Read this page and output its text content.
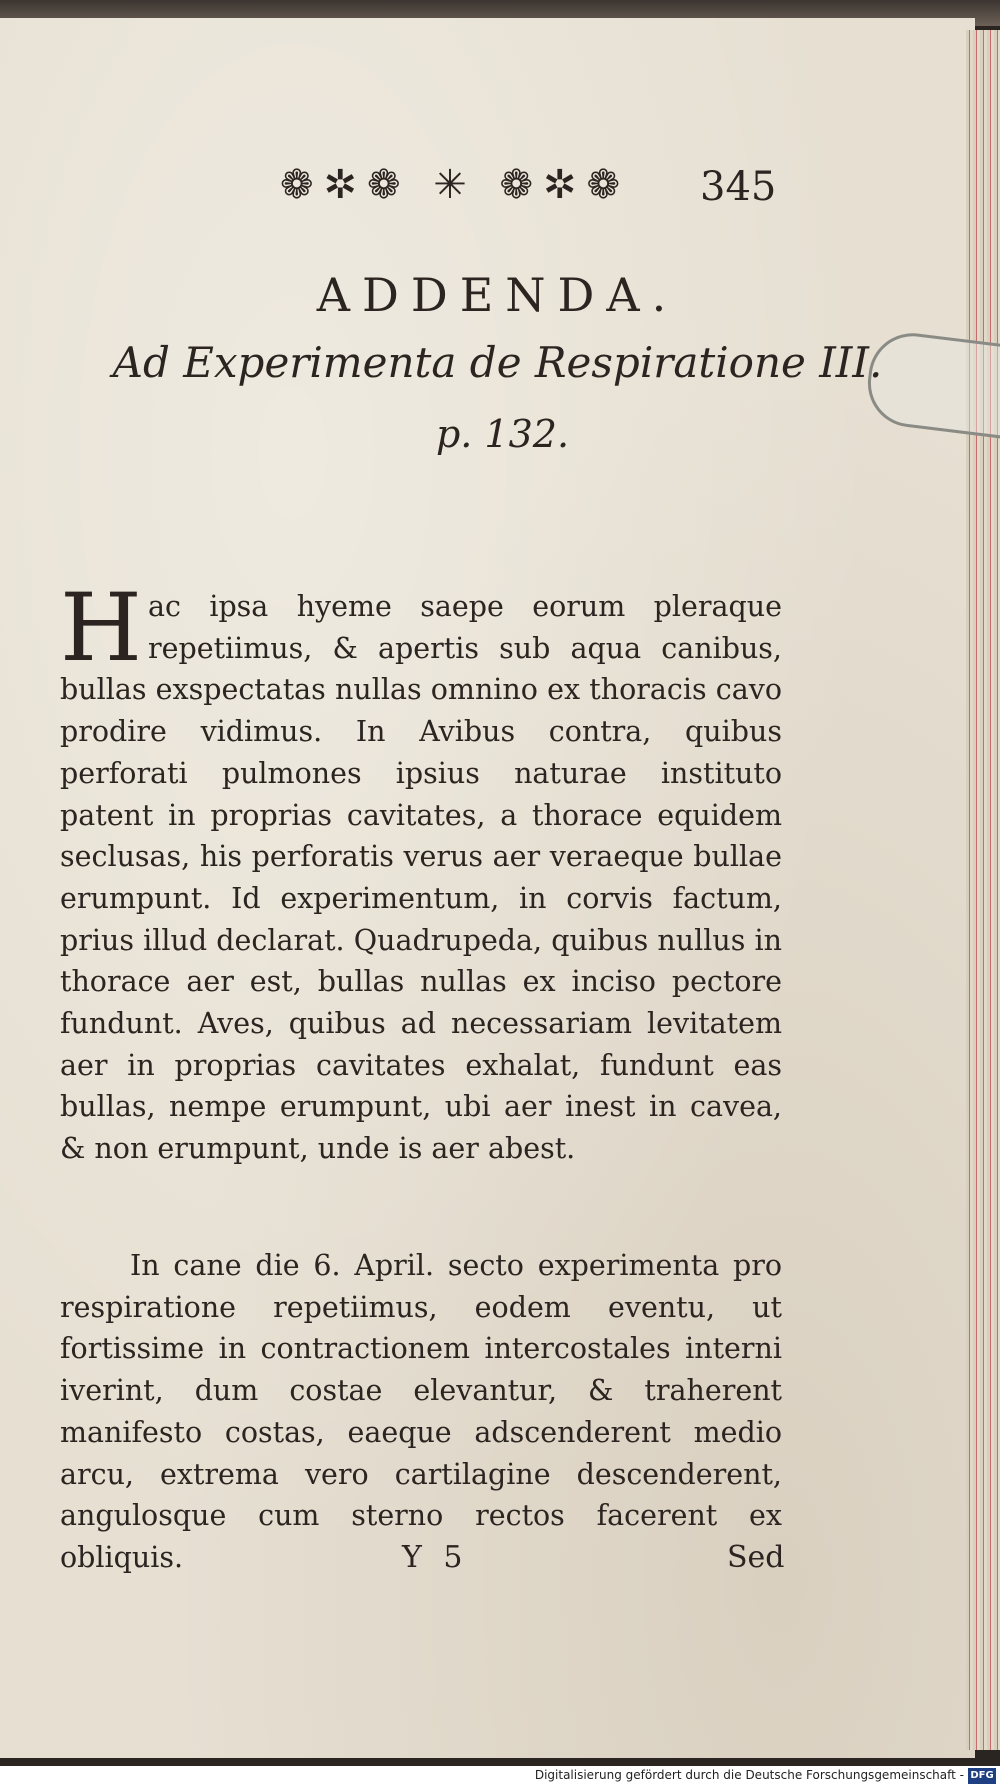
❁✲❁ ✳ ❁✲❁ 345
ADDENDA.
Ad Experimenta de Respiratione III.
p. 132.
Hac ipsa hyeme saepe eorum pleraque repetiimus, & apertis sub aqua canibus, bullas exspectatas nullas omnino ex thoracis cavo prodire vidimus. In Avibus contra, quibus perforati pulmones ipsius naturae instituto patent in proprias cavitates, a thorace equidem seclusas, his perforatis verus aer veraeque bullae erumpunt. Id experimentum, in corvis factum, prius illud declarat. Quadrupeda, quibus nullus in thorace aer est, bullas nullas ex inciso pectore fundunt. Aves, quibus ad necessariam levitatem aer in proprias cavitates exhalat, fundunt eas bullas, nempe erumpunt, ubi aer inest in cavea, & non erumpunt, unde is aer abest.
In cane die 6. April. secto experimenta pro respiratione repetiimus, eodem eventu, ut fortissime in contractionem intercostales interni iverint, dum costae elevantur, & traherent manifesto costas, eaeque adscenderent medio arcu, extrema vero cartilagine descenderent, angulosque cum sterno rectos facerent ex obliquis.	Y 5	Sed
Digitalisierung gefördert durch die Deutsche Forschungsgemeinschaft - DFG
